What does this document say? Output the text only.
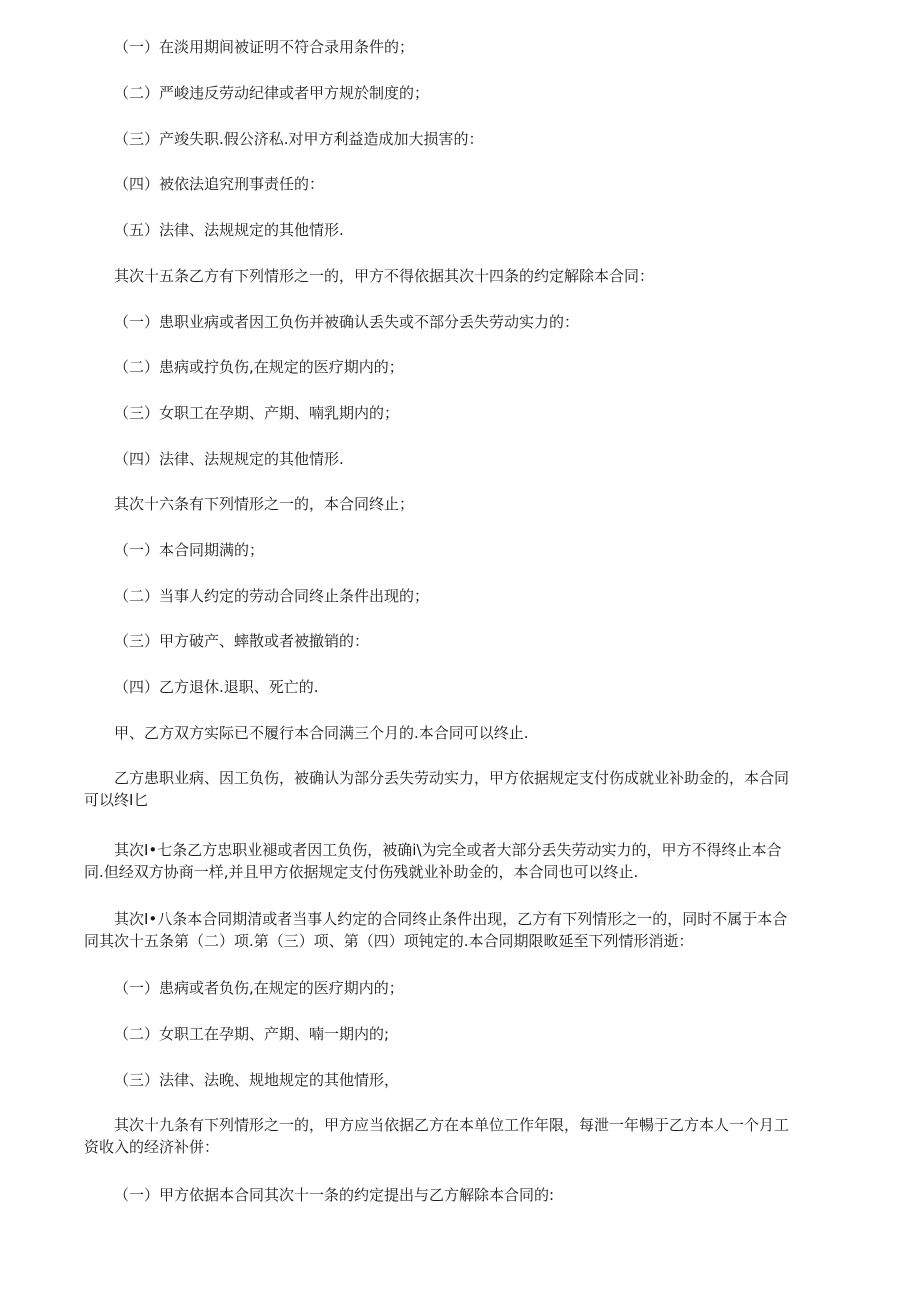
（一）在淡用期间被证明不符合录用条件的；

（二）严峻违反劳动纪律或者甲方规於制度的；

（三）产竣失职.假公济私.对甲方利益造成加大损害的：

（四）被依法追究刑事责任的：

（五）法律、法规规定的其他情形.

其次十五条乙方有下列情形之一的，甲方不得依据其次十四条的约定解除本合同：

（一）患职业病或者因工负伤并被确认丢失或不部分丢失劳动实力的：

（二）患病或拧负伤,在规定的医疗期内的；

（三）女职工在孕期、产期、喃乳期内的；

（四）法律、法规规定的其他情形.

其次十六条有下列情形之一的，本合同终止；

（一）本合同期满的；

（二）当事人约定的劳动合同终止条件出现的；

（三）甲方破产、蟀散或者被撤销的：

（四）乙方退休.退职、死亡的.

甲、乙方双方实际已不履行本合同满三个月的.本合同可以终止.

乙方患职业病、因工负伤，被确认为部分丢失劳动实力，甲方依据规定支付伤成就业补助金的，本合同
可以终I匕
其次I•七条乙方忠职业褪或者因工负伤，被确i\为完全或者大部分丢失劳动实力的，甲方不得终止本合
同.但经双方协商一样,并且甲方依据规定支付伤残就业补助金的，本合同也可以终止.
其次I•八条本合同期清或者当事人约定的合同终止条件出现，乙方有下列情形之一的，同时不属于本合
同其次十五条第（二）项.第（三）项、第（四）项钝定的.本合同期限畋延至下列情形消逝：

（一）患病或者负伤,在规定的医疗期内的；

（二）女职工在孕期、产期、喃一期内的;

（三）法律、法晚、规地规定的其他情形，

其次十九条有下列情形之一的，甲方应当依据乙方在本单位工作年限，每泄一年暢于乙方本人一个月工
资收入的经济补併：

（一）甲方依据本合同其次十一条的约定提出与乙方解除本合同的:
